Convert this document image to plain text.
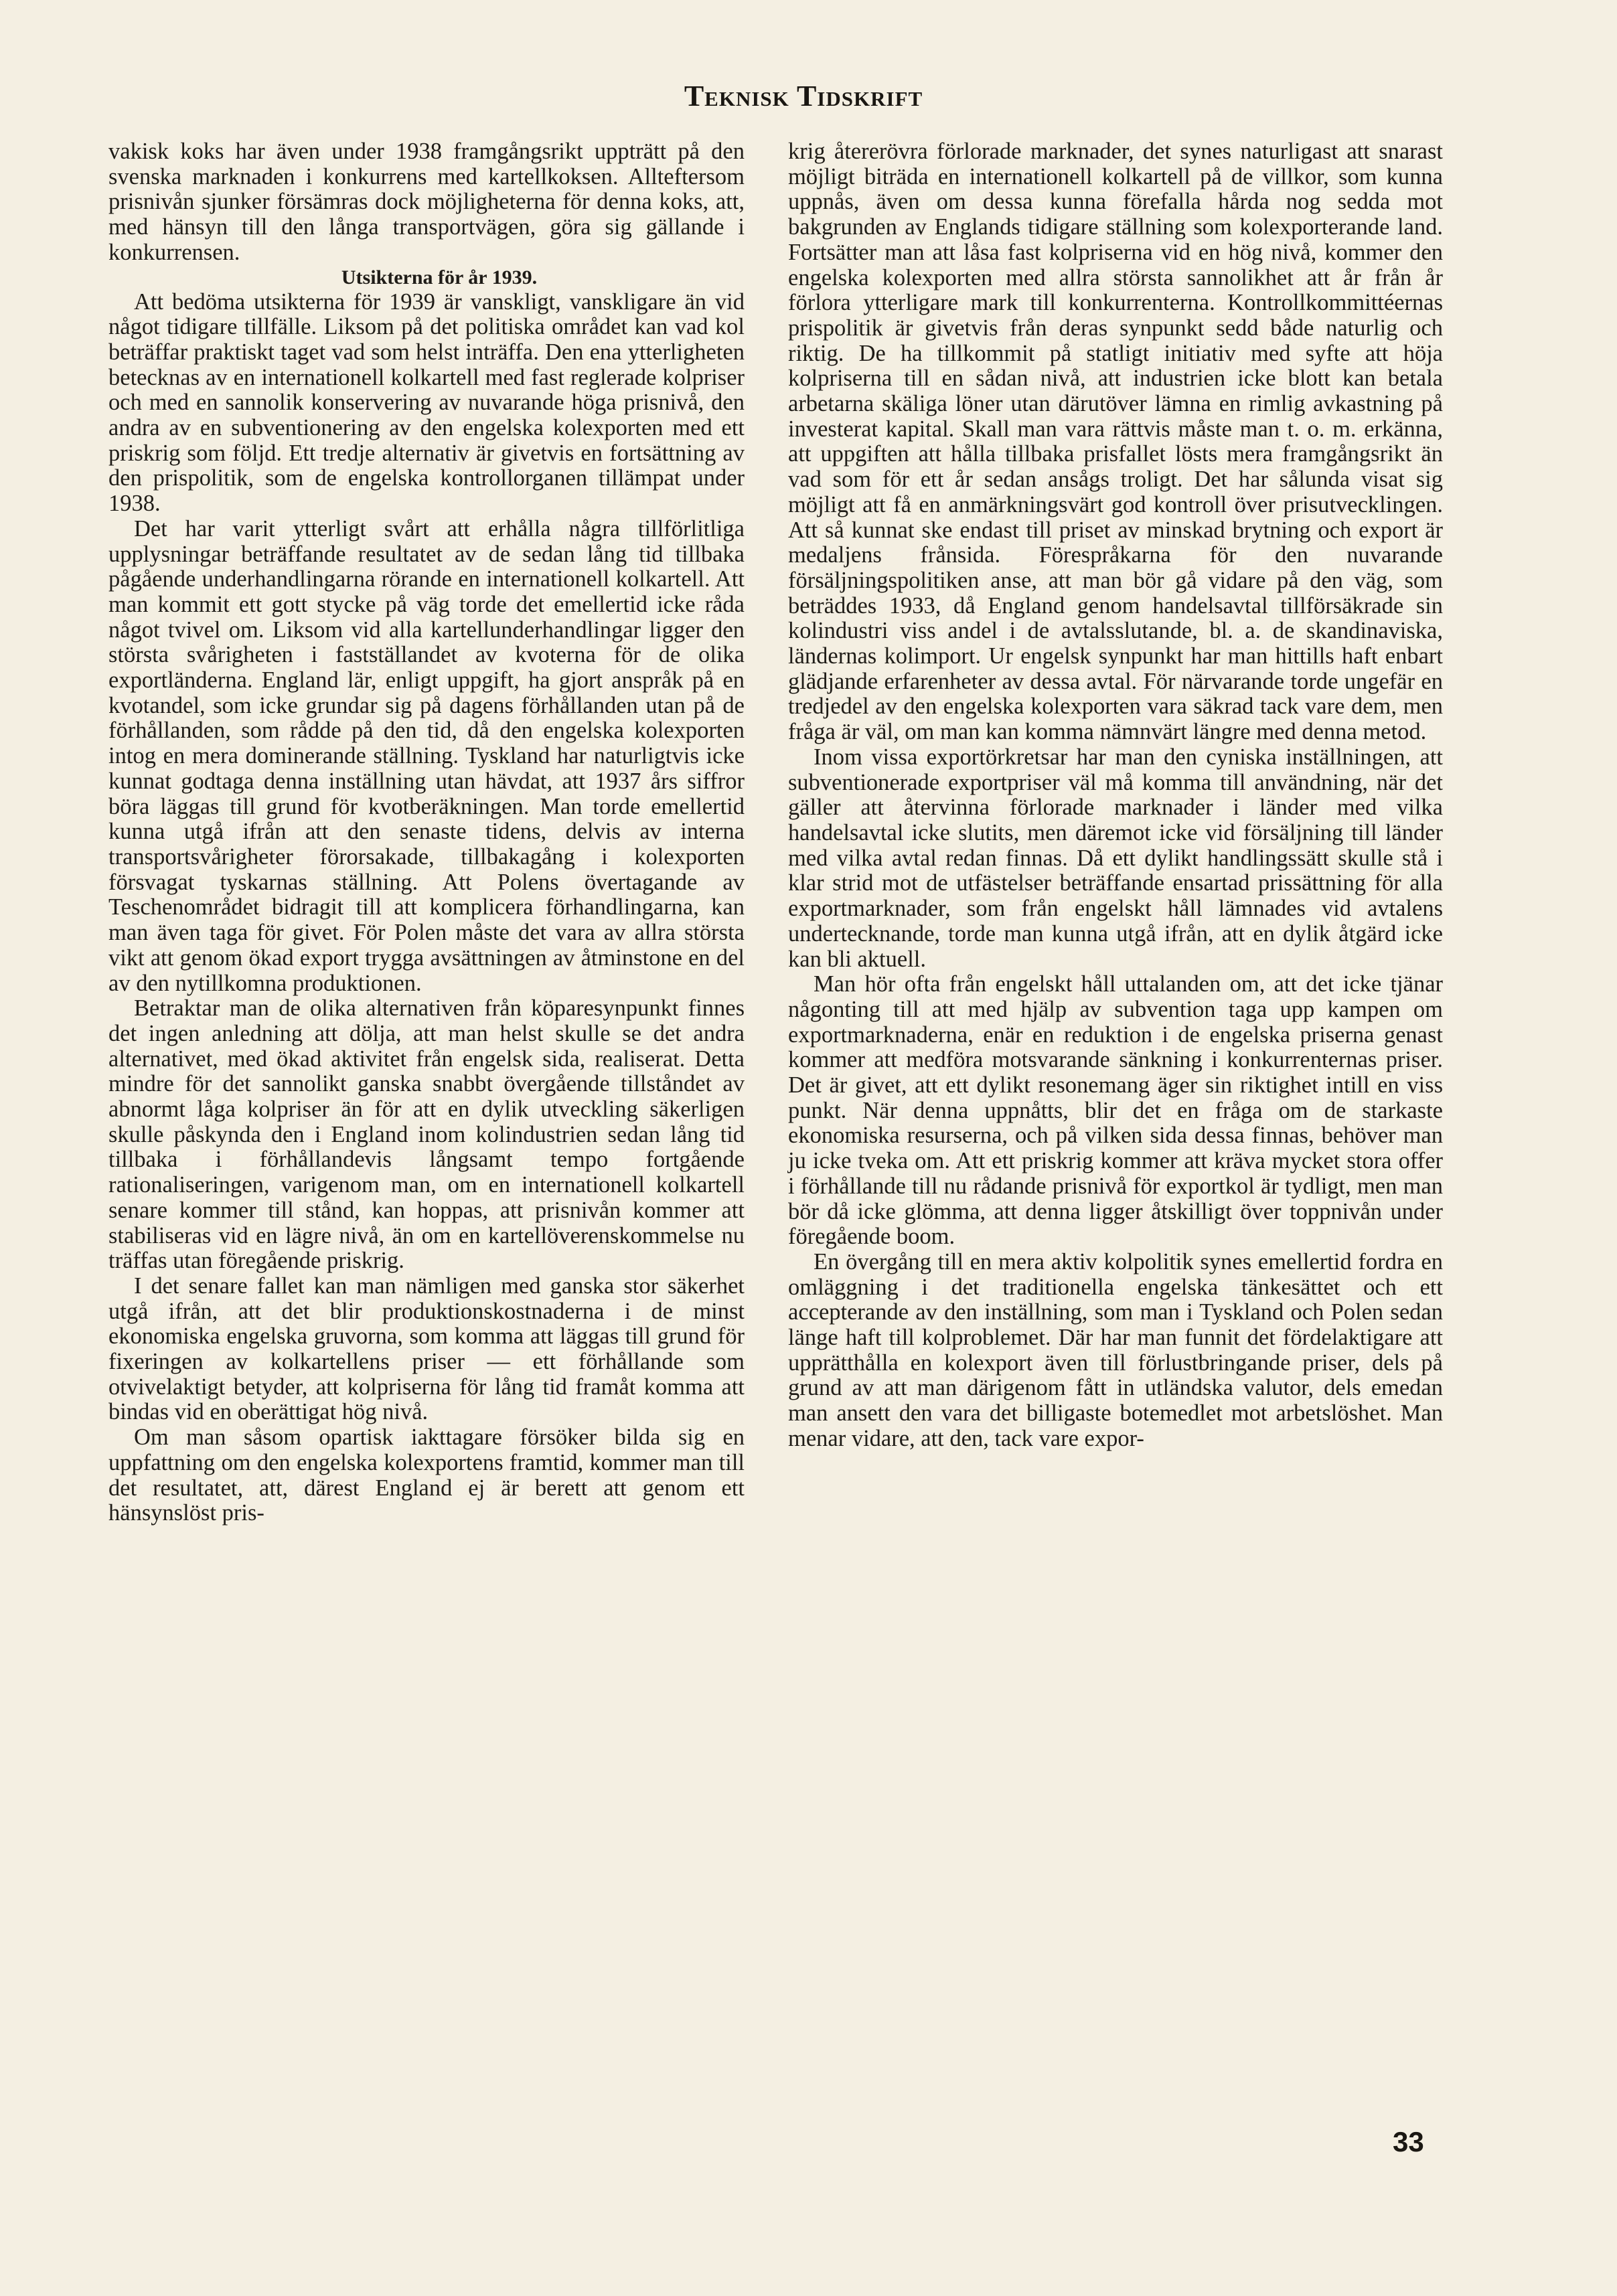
Teknisk Tidskrift

vakisk koks har även under 1938 framgångsrikt uppträtt på den svenska marknaden i konkurrens med kartellkoksen. Allteftersom prisnivån sjunker försämras dock möjligheterna för denna koks, att, med hänsyn till den långa transportvägen, göra sig gällande i konkurrensen.

Utsikterna för år 1939.

Att bedöma utsikterna för 1939 är vanskligt, vanskligare än vid något tidigare tillfälle. Liksom på det politiska området kan vad kol beträffar praktiskt taget vad som helst inträffa. Den ena ytterligheten betecknas av en internationell kolkartell med fast reglerade kolpriser och med en sannolik konservering av nuvarande höga prisnivå, den andra av en subventionering av den engelska kolexporten med ett priskrig som följd. Ett tredje alternativ är givetvis en fortsättning av den prispolitik, som de engelska kontrollorganen tillämpat under 1938.

Det har varit ytterligt svårt att erhålla några tillförlitliga upplysningar beträffande resultatet av de sedan lång tid tillbaka pågående underhandlingarna rörande en internationell kolkartell. Att man kommit ett gott stycke på väg torde det emellertid icke råda något tvivel om. Liksom vid alla kartellunderhandlingar ligger den största svårigheten i fastställandet av kvoterna för de olika exportländerna. England lär, enligt uppgift, ha gjort anspråk på en kvotandel, som icke grundar sig på dagens förhållanden utan på de förhållanden, som rådde på den tid, då den engelska kolexporten intog en mera dominerande ställning. Tyskland har naturligtvis icke kunnat godtaga denna inställning utan hävdat, att 1937 års siffror böra läggas till grund för kvotberäkningen. Man torde emellertid kunna utgå ifrån att den senaste tidens, delvis av interna transportsvårigheter förorsakade, tillbakagång i kolexporten försvagat tyskarnas ställning. Att Polens övertagande av Teschenområdet bidragit till att komplicera förhandlingarna, kan man även taga för givet. För Polen måste det vara av allra största vikt att genom ökad export trygga avsättningen av åtminstone en del av den nytillkomna produktionen.

Betraktar man de olika alternativen från köparesynpunkt finnes det ingen anledning att dölja, att man helst skulle se det andra alternativet, med ökad aktivitet från engelsk sida, realiserat. Detta mindre för det sannolikt ganska snabbt övergående tillståndet av abnormt låga kolpriser än för att en dylik utveckling säkerligen skulle påskynda den i England inom kolindustrien sedan lång tid tillbaka i förhållandevis långsamt tempo fortgående rationaliseringen, varigenom man, om en internationell kolkartell senare kommer till stånd, kan hoppas, att prisnivån kommer att stabiliseras vid en lägre nivå, än om en kartellöverenskommelse nu träffas utan föregående priskrig.

I det senare fallet kan man nämligen med ganska stor säkerhet utgå ifrån, att det blir produktionskostnaderna i de minst ekonomiska engelska gruvorna, som komma att läggas till grund för fixeringen av kolkartellens priser — ett förhållande som otvivelaktigt betyder, att kolpriserna för lång tid framåt komma att bindas vid en oberättigat hög nivå.

Om man såsom opartisk iakttagare försöker bilda sig en uppfattning om den engelska kolexportens framtid, kommer man till det resultatet, att, därest England ej är berett att genom ett hänsynslöst pris-

krig återerövra förlorade marknader, det synes naturligast att snarast möjligt biträda en internationell kolkartell på de villkor, som kunna uppnås, även om dessa kunna förefalla hårda nog sedda mot bakgrunden av Englands tidigare ställning som kolexporterande land. Fortsätter man att låsa fast kolpriserna vid en hög nivå, kommer den engelska kolexporten med allra största sannolikhet att år från år förlora ytterligare mark till konkurrenterna. Kontrollkommittéernas prispolitik är givetvis från deras synpunkt sedd både naturlig och riktig. De ha tillkommit på statligt initiativ med syfte att höja kolpriserna till en sådan nivå, att industrien icke blott kan betala arbetarna skäliga löner utan därutöver lämna en rimlig avkastning på investerat kapital. Skall man vara rättvis måste man t. o. m. erkänna, att uppgiften att hålla tillbaka prisfallet lösts mera framgångsrikt än vad som för ett år sedan ansågs troligt. Det har sålunda visat sig möjligt att få en anmärkningsvärt god kontroll över prisutvecklingen. Att så kunnat ske endast till priset av minskad brytning och export är medaljens frånsida. Förespråkarna för den nuvarande försäljningspolitiken anse, att man bör gå vidare på den väg, som beträddes 1933, då England genom handelsavtal tillförsäkrade sin kolindustri viss andel i de avtalsslutande, bl. a. de skandinaviska, ländernas kolimport. Ur engelsk synpunkt har man hittills haft enbart glädjande erfarenheter av dessa avtal. För närvarande torde ungefär en tredjedel av den engelska kolexporten vara säkrad tack vare dem, men fråga är väl, om man kan komma nämnvärt längre med denna metod.

Inom vissa exportörkretsar har man den cyniska inställningen, att subventionerade exportpriser väl må komma till användning, när det gäller att återvinna förlorade marknader i länder med vilka handelsavtal icke slutits, men däremot icke vid försäljning till länder med vilka avtal redan finnas. Då ett dylikt handlingssätt skulle stå i klar strid mot de utfästelser beträffande ensartad prissättning för alla exportmarknader, som från engelskt håll lämnades vid avtalens undertecknande, torde man kunna utgå ifrån, att en dylik åtgärd icke kan bli aktuell.

Man hör ofta från engelskt håll uttalanden om, att det icke tjänar någonting till att med hjälp av subvention taga upp kampen om exportmarknaderna, enär en reduktion i de engelska priserna genast kommer att medföra motsvarande sänkning i konkurrenternas priser. Det är givet, att ett dylikt resonemang äger sin riktighet intill en viss punkt. När denna uppnåtts, blir det en fråga om de starkaste ekonomiska resurserna, och på vilken sida dessa finnas, behöver man ju icke tveka om. Att ett priskrig kommer att kräva mycket stora offer i förhållande till nu rådande prisnivå för exportkol är tydligt, men man bör då icke glömma, att denna ligger åtskilligt över toppnivån under föregående boom.

En övergång till en mera aktiv kolpolitik synes emellertid fordra en omläggning i det traditionella engelska tänkesättet och ett accepterande av den inställning, som man i Tyskland och Polen sedan länge haft till kolproblemet. Där har man funnit det fördelaktigare att upprätthålla en kolexport även till förlustbringande priser, dels på grund av att man därigenom fått in utländska valutor, dels emedan man ansett den vara det billigaste botemedlet mot arbetslöshet. Man menar vidare, att den, tack vare expor-

33
